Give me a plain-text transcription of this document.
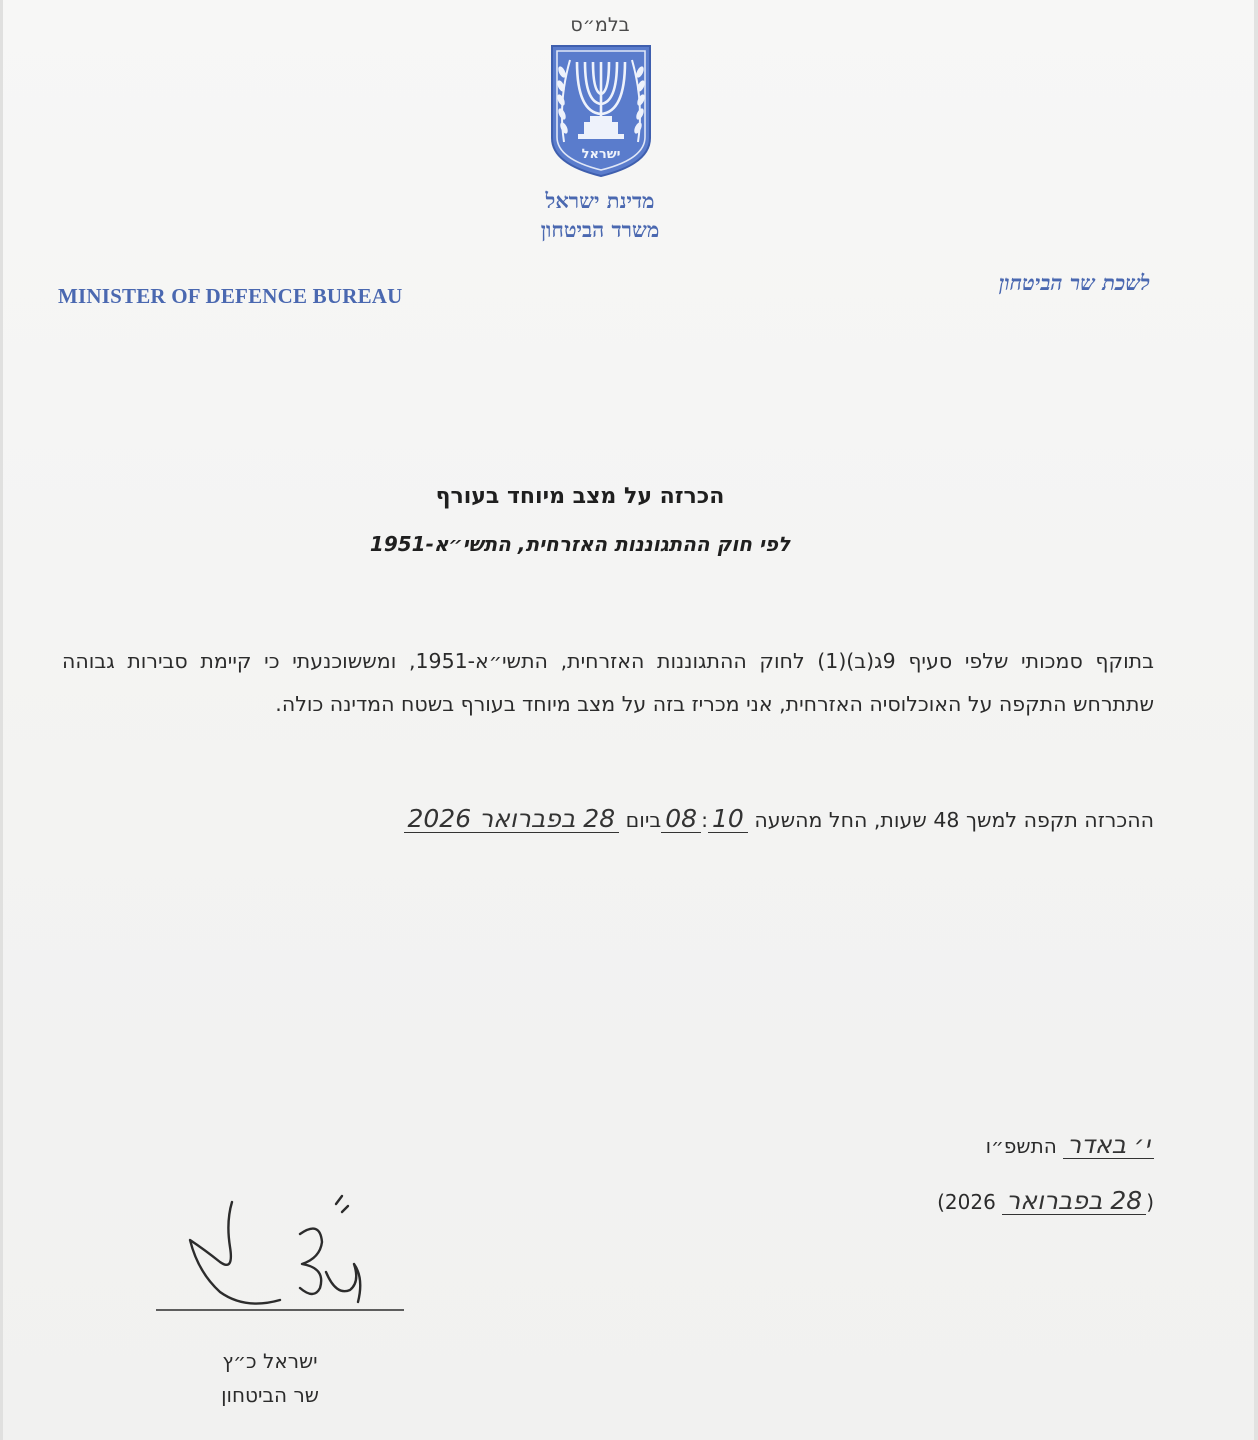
בלמ״ס
ישראל
מדינת ישראל
משרד הביטחון
MINISTER OF DEFENCE BUREAU
לשכת שר הביטחון
הכרזה על מצב מיוחד בעורף
לפי חוק ההתגוננות האזרחית, התשי״א-1951
בתוקף סמכותי שלפי סעיף 9ג(ב)(1) לחוק ההתגוננות האזרחית, התשי״א-1951, ומששוכנעתי כי קיימת סבירות גבוהה שתתרחש התקפה על האוכלוסיה האזרחית, אני מכריז בזה על מצב מיוחד בעורף בשטח המדינה כולה.
ההכרזה תקפה למשך 48 שעות, החל מהשעה 10:08ביום 28 בפברואר 2026
י׳ באדר התשפ״ו
(28 בפברואר 2026)
ישראל כ״ץ
שר הביטחון
